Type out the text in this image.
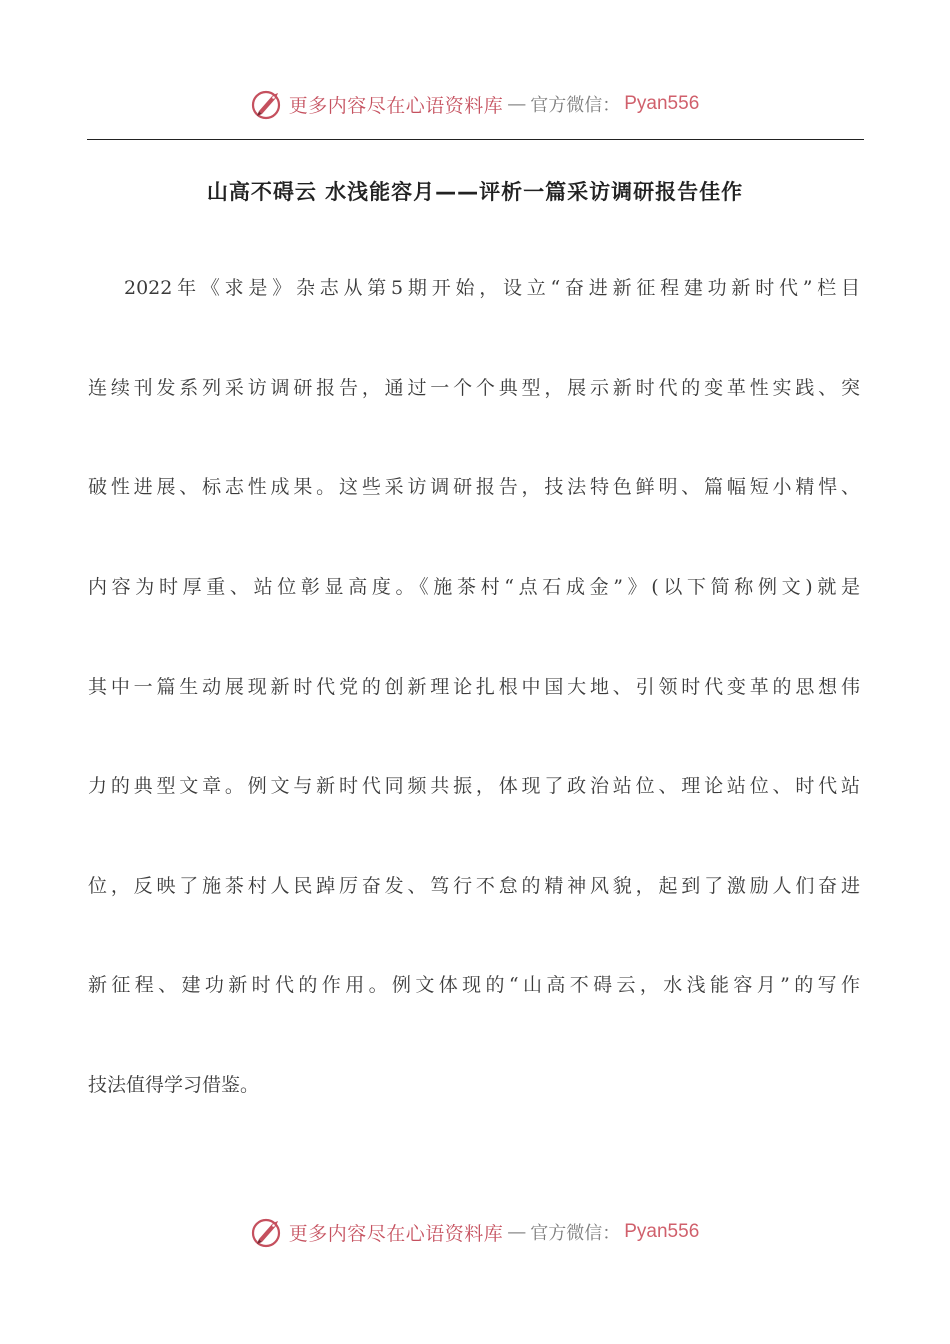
更多内容尽在心语资料库 — 官方微信： Pyan556
山高不碍云 水浅能容月——评析一篇采访调研报告佳作
2022年《求是》杂志从第5期开始，设立“奋进新征程建功新时代”栏目
连续刊发系列采访调研报告，通过一个个典型，展示新时代的变革性实践、突
破性进展、标志性成果。这些采访调研报告，技法特色鲜明、篇幅短小精悍、
内容为时厚重、站位彰显高度。《施茶村“点石成金”》(以下简称例文)就是
其中一篇生动展现新时代党的创新理论扎根中国大地、引领时代变革的思想伟
力的典型文章。例文与新时代同频共振，体现了政治站位、理论站位、时代站
位，反映了施茶村人民踔厉奋发、笃行不怠的精神风貌，起到了激励人们奋进
新征程、建功新时代的作用。例文体现的“山高不碍云，水浅能容月”的写作
技法值得学习借鉴。
更多内容尽在心语资料库 — 官方微信： Pyan556
